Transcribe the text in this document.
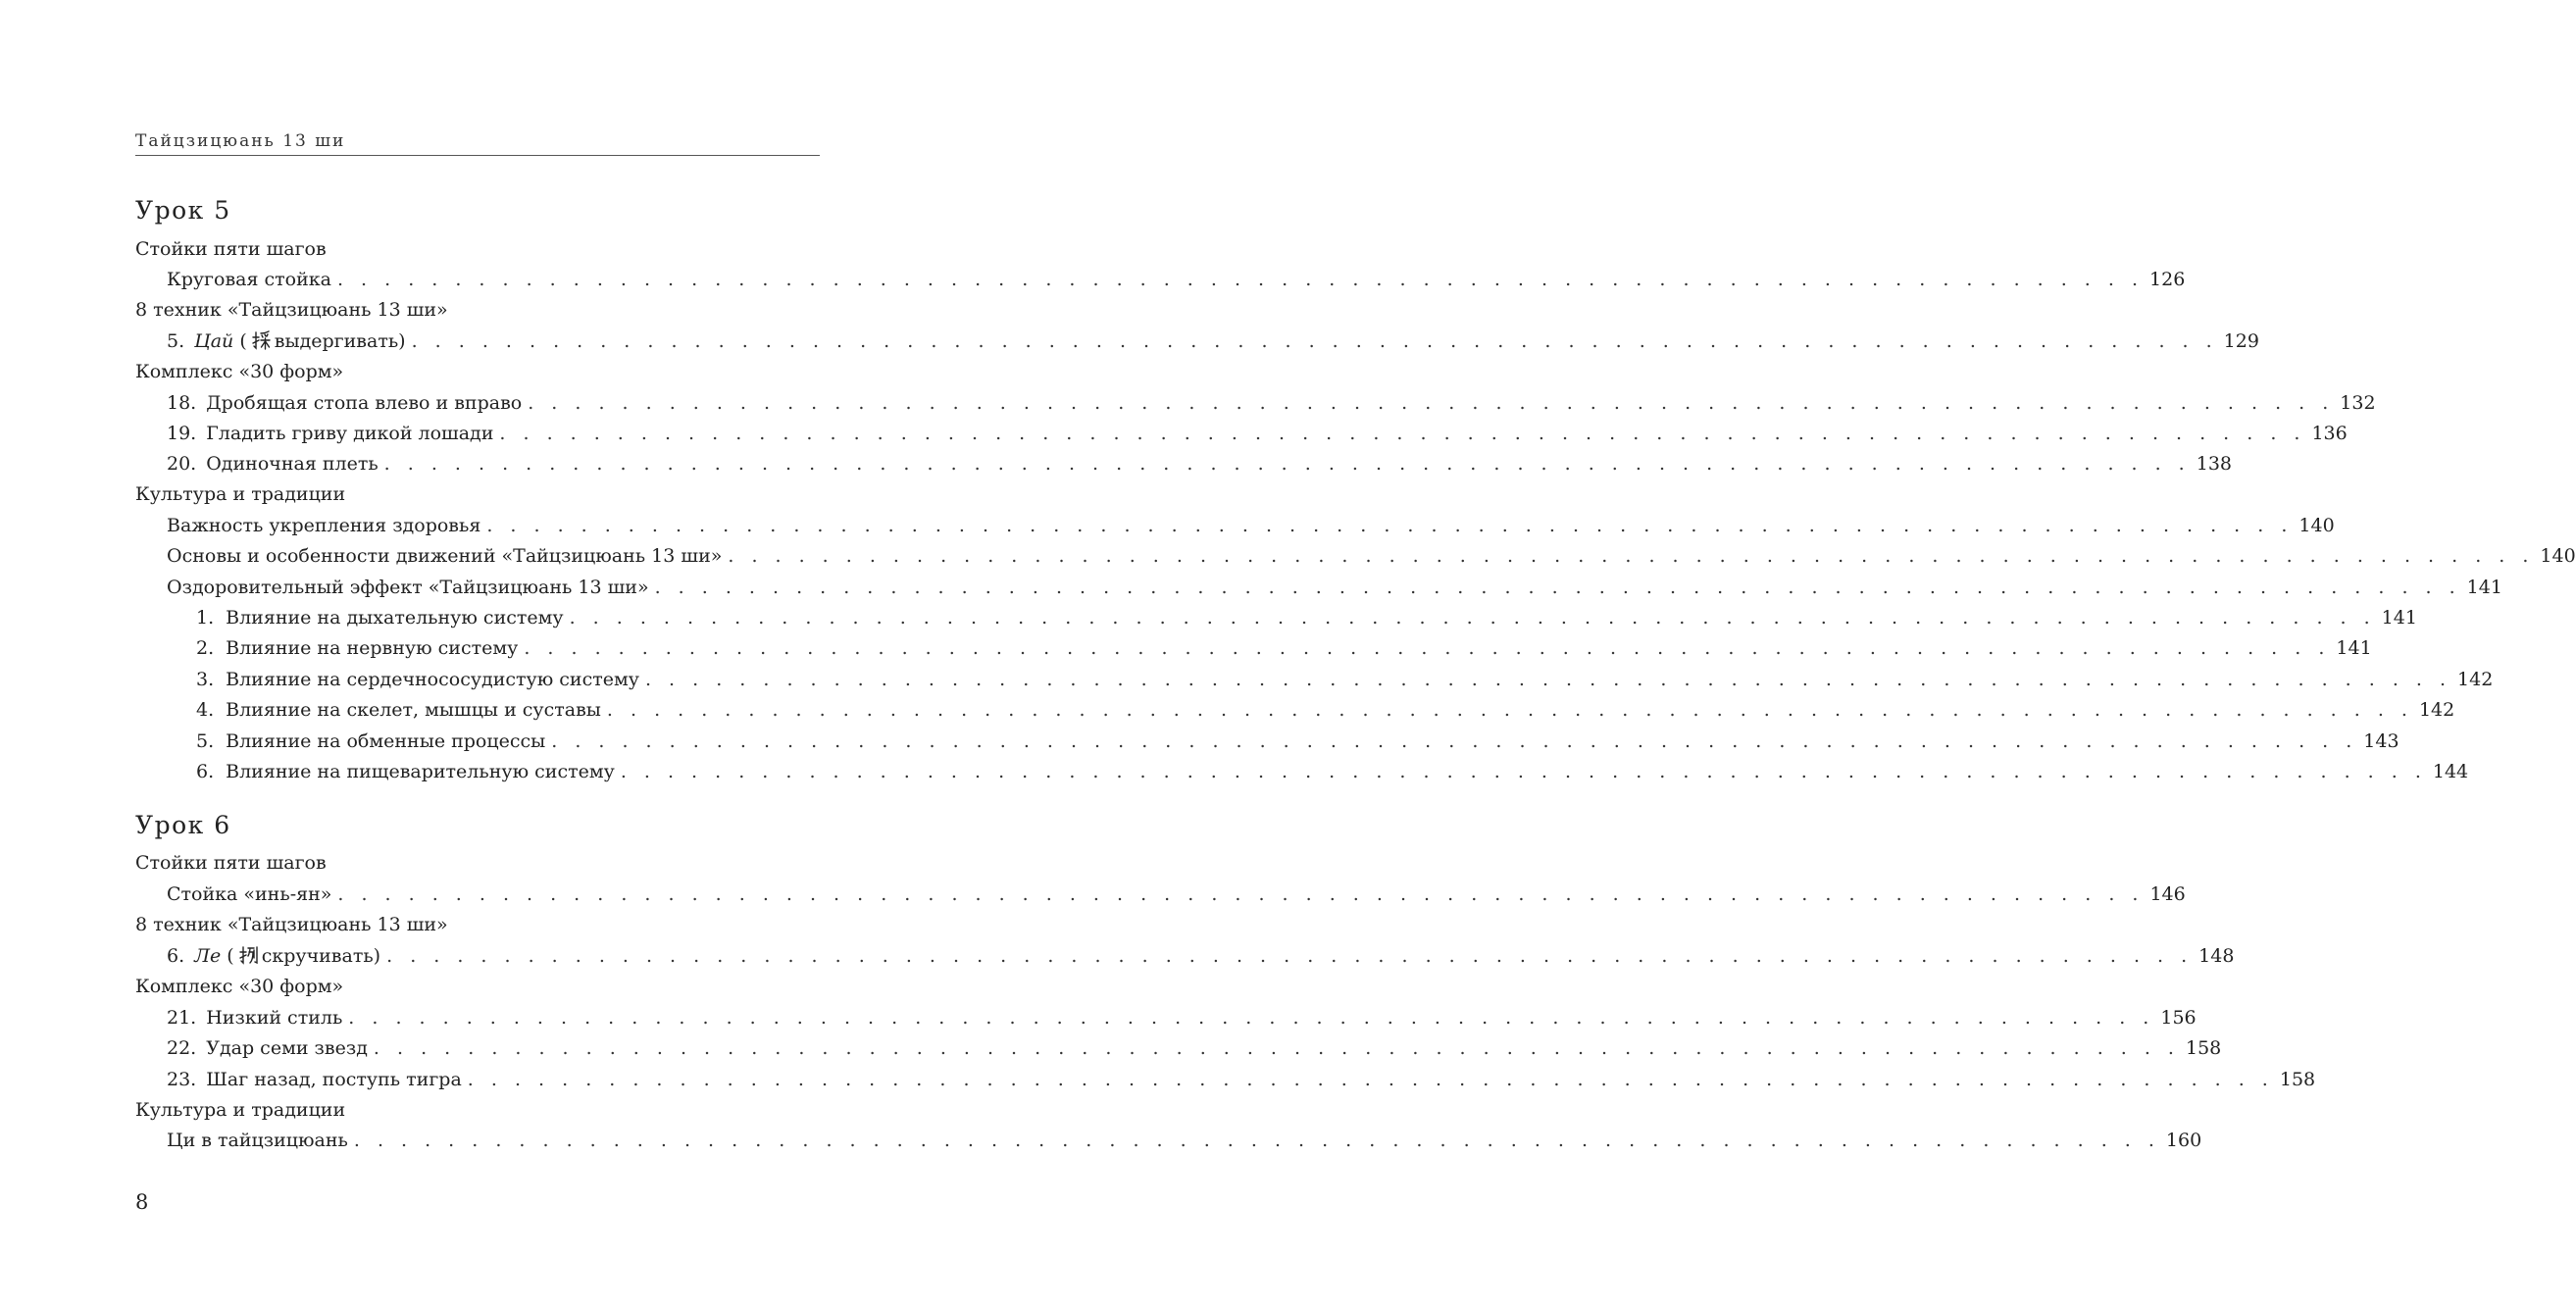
Тайцзицюань 13 ши
Урок 5
Стойки пяти шагов
Круговая стойка . . . . . . . . . . . . . . . . . . . . . . . . . . . . . . . . . . . . . . . . . . . . . . . . . . . . . . . . . . . . . . . . . . . . . . . . . . . . . 126
8 техник «Тайцзицюань 13 ши»
5. Цай ( выдергивать) . . . . . . . . . . . . . . . . . . . . . . . . . . . . . . . . . . . . . . . . . . . . . . . . . . . . . . . . . . . . . . . . . . . . . . . . . . . . . 129
Комплекс «30 форм»
18. Дробящая стопа влево и вправо . . . . . . . . . . . . . . . . . . . . . . . . . . . . . . . . . . . . . . . . . . . . . . . . . . . . . . . . . . . . . . . . . . . . . . . . . . . . . 132
19. Гладить гриву дикой лошади . . . . . . . . . . . . . . . . . . . . . . . . . . . . . . . . . . . . . . . . . . . . . . . . . . . . . . . . . . . . . . . . . . . . . . . . . . . . . 136
20. Одиночная плеть . . . . . . . . . . . . . . . . . . . . . . . . . . . . . . . . . . . . . . . . . . . . . . . . . . . . . . . . . . . . . . . . . . . . . . . . . . . . . 138
Культура и традиции
Важность укрепления здоровья . . . . . . . . . . . . . . . . . . . . . . . . . . . . . . . . . . . . . . . . . . . . . . . . . . . . . . . . . . . . . . . . . . . . . . . . . . . . . 140
Основы и особенности движений «Тайцзицюань 13 ши» . . . . . . . . . . . . . . . . . . . . . . . . . . . . . . . . . . . . . . . . . . . . . . . . . . . . . . . . . . . . . . . . . . . . . . . . . . . . . 140
Оздоровительный эффект «Тайцзицюань 13 ши» . . . . . . . . . . . . . . . . . . . . . . . . . . . . . . . . . . . . . . . . . . . . . . . . . . . . . . . . . . . . . . . . . . . . . . . . . . . . . 141
1. Влияние на дыхательную систему . . . . . . . . . . . . . . . . . . . . . . . . . . . . . . . . . . . . . . . . . . . . . . . . . . . . . . . . . . . . . . . . . . . . . . . . . . . . . 141
2. Влияние на нервную систему . . . . . . . . . . . . . . . . . . . . . . . . . . . . . . . . . . . . . . . . . . . . . . . . . . . . . . . . . . . . . . . . . . . . . . . . . . . . . 141
3. Влияние на сердечнососудистую систему . . . . . . . . . . . . . . . . . . . . . . . . . . . . . . . . . . . . . . . . . . . . . . . . . . . . . . . . . . . . . . . . . . . . . . . . . . . . . 142
4. Влияние на скелет, мышцы и суставы . . . . . . . . . . . . . . . . . . . . . . . . . . . . . . . . . . . . . . . . . . . . . . . . . . . . . . . . . . . . . . . . . . . . . . . . . . . . . 142
5. Влияние на обменные процессы . . . . . . . . . . . . . . . . . . . . . . . . . . . . . . . . . . . . . . . . . . . . . . . . . . . . . . . . . . . . . . . . . . . . . . . . . . . . . 143
6. Влияние на пищеварительную систему . . . . . . . . . . . . . . . . . . . . . . . . . . . . . . . . . . . . . . . . . . . . . . . . . . . . . . . . . . . . . . . . . . . . . . . . . . . . . 144
Урок 6
Стойки пяти шагов
Стойка «инь-ян» . . . . . . . . . . . . . . . . . . . . . . . . . . . . . . . . . . . . . . . . . . . . . . . . . . . . . . . . . . . . . . . . . . . . . . . . . . . . . 146
8 техник «Тайцзицюань 13 ши»
6. Ле ( скручивать) . . . . . . . . . . . . . . . . . . . . . . . . . . . . . . . . . . . . . . . . . . . . . . . . . . . . . . . . . . . . . . . . . . . . . . . . . . . . . 148
Комплекс «30 форм»
21. Низкий стиль . . . . . . . . . . . . . . . . . . . . . . . . . . . . . . . . . . . . . . . . . . . . . . . . . . . . . . . . . . . . . . . . . . . . . . . . . . . . . 156
22. Удар семи звезд . . . . . . . . . . . . . . . . . . . . . . . . . . . . . . . . . . . . . . . . . . . . . . . . . . . . . . . . . . . . . . . . . . . . . . . . . . . . . 158
23. Шаг назад, поступь тигра . . . . . . . . . . . . . . . . . . . . . . . . . . . . . . . . . . . . . . . . . . . . . . . . . . . . . . . . . . . . . . . . . . . . . . . . . . . . . 158
Культура и традиции
Ци в тайцзицюань . . . . . . . . . . . . . . . . . . . . . . . . . . . . . . . . . . . . . . . . . . . . . . . . . . . . . . . . . . . . . . . . . . . . . . . . . . . . . 160
8
